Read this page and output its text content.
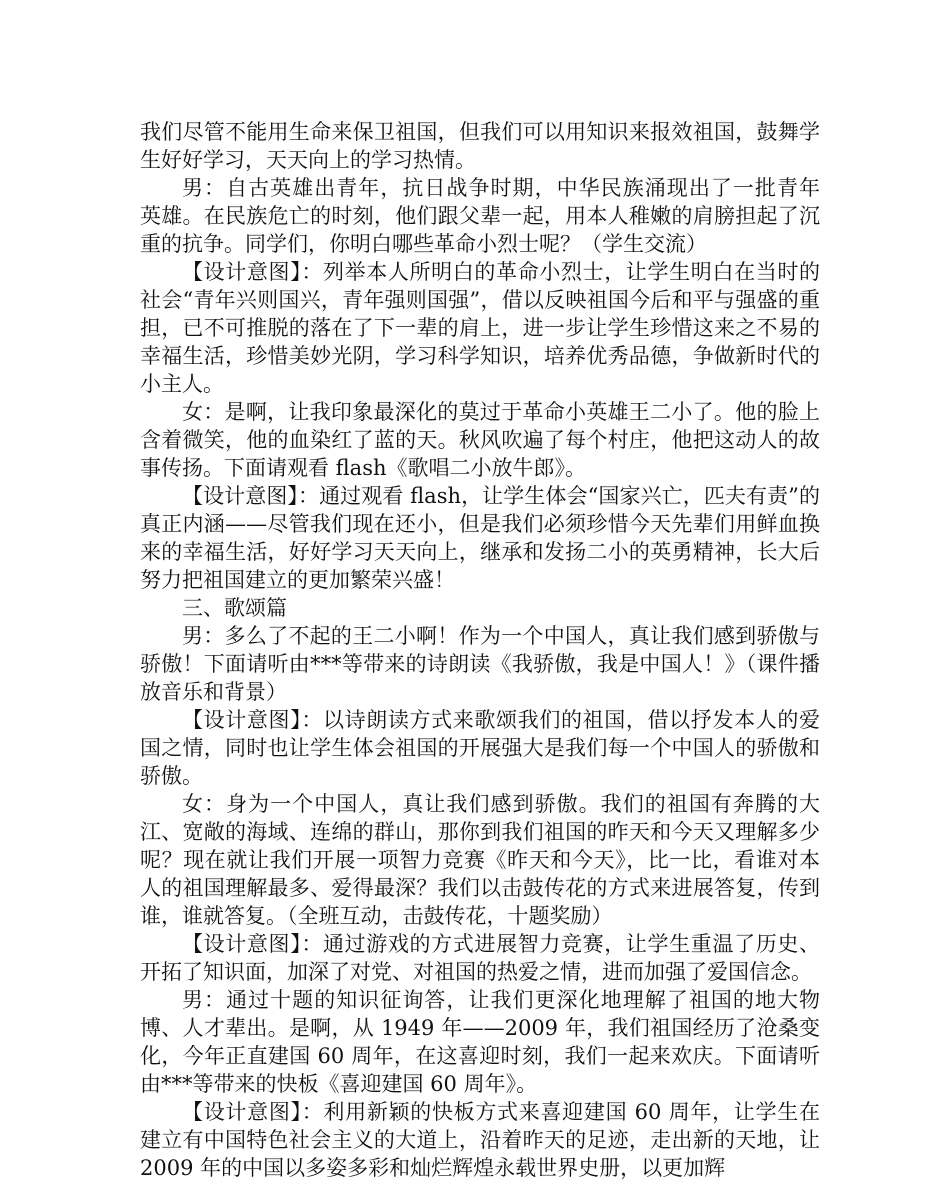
我们尽管不能用生命来保卫祖国，但我们可以用知识来报效祖国，鼓舞学生好好学习，天天向上的学习热情。

男：自古英雄出青年，抗日战争时期，中华民族涌现出了一批青年　英雄。在民族危亡的时刻，他们跟父辈一起，用本人稚嫩的肩膀担起了沉重的抗争。同学们，你明白哪些革命小烈士呢？（学生交流）

【设计意图】：列举本人所明白的革命小烈士，让学生明白在当时的社会“青年兴则国兴，青年强则国强”，借以反映祖国今后和平与强盛的重担，已不可推脱的落在了下一辈的肩上，进一步让学生珍惜这来之不易的幸福生活，珍惜美妙光阴，学习科学知识，培养优秀品德，争做新时代的小主人。

女：是啊，让我印象最深化的莫过于革命小英雄王二小了。他的脸上含着微笑，他的血染红了蓝的天。秋风吹遍了每个村庄，他把这动人的故事传扬。下面请观看 flash《歌唱二小放牛郎》。

【设计意图】：通过观看 flash，让学生体会“国家兴亡，匹夫有责”的真正内涵——尽管我们现在还小，但是我们必须珍惜今天先辈们用鲜血换来的幸福生活，好好学习天天向上，继承和发扬二小的英勇精神，长大后努力把祖国建立的更加繁荣兴盛！

三、歌颂篇

男：多么了不起的王二小啊！作为一个中国人，真让我们感到骄傲与骄傲！下面请听由***等带来的诗朗读《我骄傲，我是中国人！》（课件播放音乐和背景）

【设计意图】：以诗朗读方式来歌颂我们的祖国，借以抒发本人的爱国之情，同时也让学生体会祖国的开展强大是我们每一个中国人的骄傲和骄傲。

女：身为一个中国人，真让我们感到骄傲。我们的祖国有奔腾的大江、宽敞的海域、连绵的群山，那你到我们祖国的昨天和今天又理解多少呢？现在就让我们开展一项智力竞赛《昨天和今天》，比一比，看谁对本人的祖国理解最多、爱得最深？我们以击鼓传花的方式来进展答复，传到谁，谁就答复。（全班互动，击鼓传花，十题奖励）

【设计意图】：通过游戏的方式进展智力竞赛，让学生重温了历史、开拓了知识面，加深了对党、对祖国的热爱之情，进而加强了爱国信念。

男：通过十题的知识征询答，让我们更深化地理解了祖国的地大物博、人才辈出。是啊，从 1949 年——2009 年，我们祖国经历了沧桑变化，今年正直建国 60 周年，在这喜迎时刻，我们一起来欢庆。下面请听由***等带来的快板《喜迎建国 60 周年》。

【设计意图】：利用新颖的快板方式来喜迎建国 60 周年，让学生在建立有中国特色社会主义的大道上，沿着昨天的足迹，走出新的天地，让 2009 年的中国以多姿多彩和灿烂辉煌永载世界史册，以更加辉
